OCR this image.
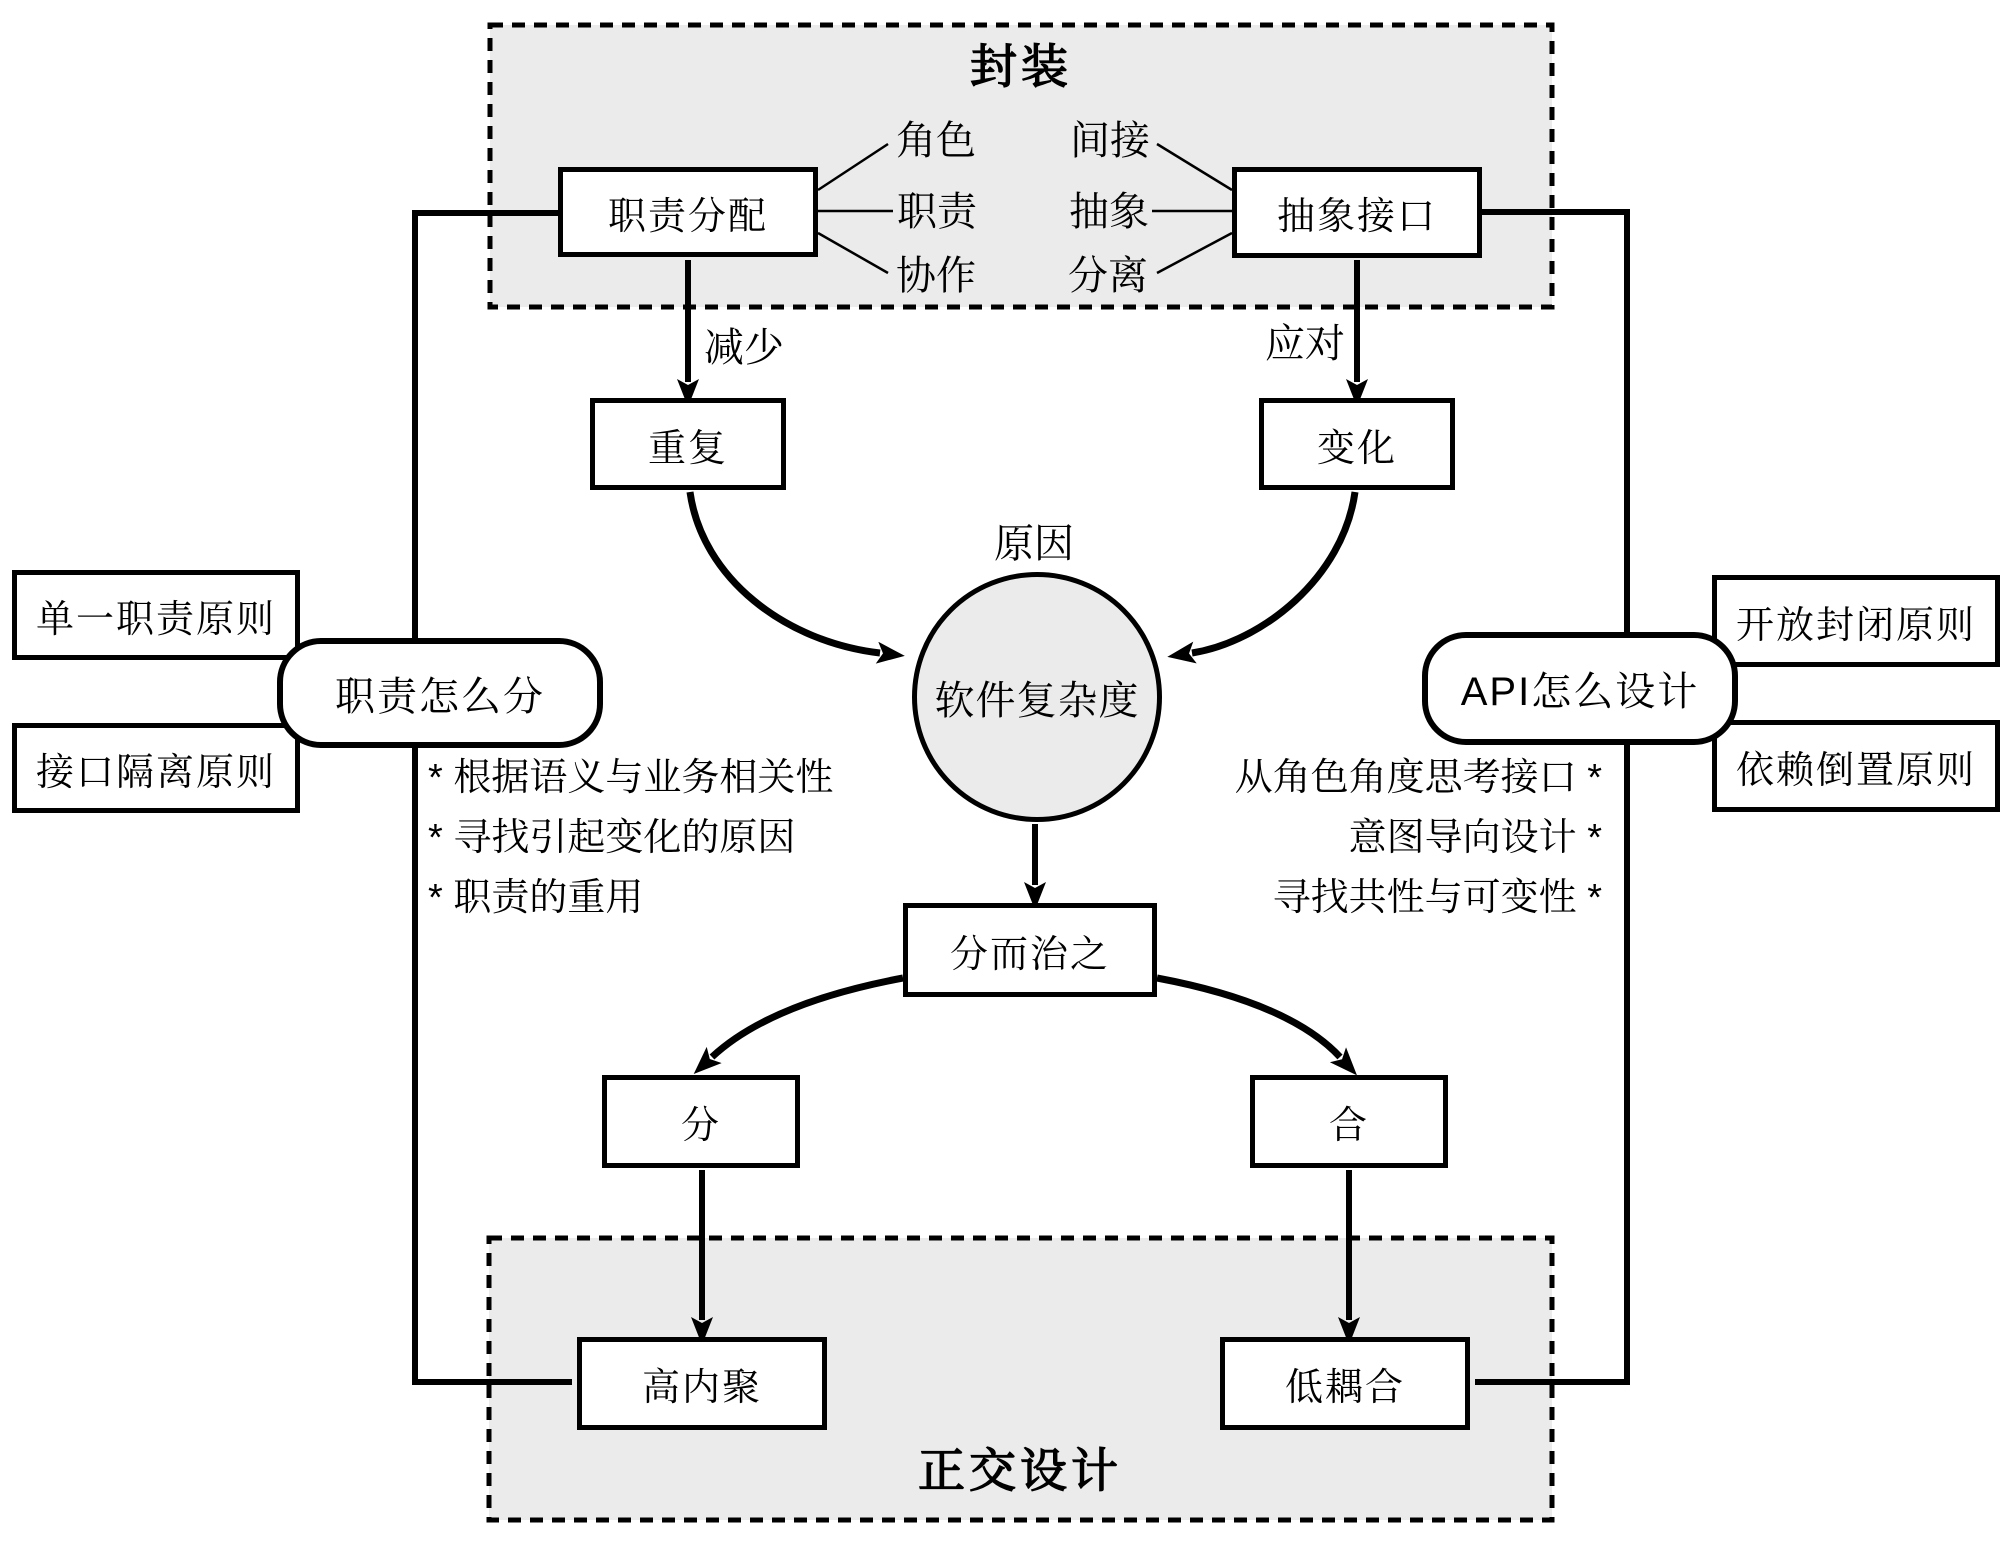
封装
正交设计
职责分配	抽象接口
重复	变化
软件复杂度
分而治之
分	合
高内聚	低耦合
单一职责原则
接口隔离原则
开放封闭原则
依赖倒置原则
职责怎么分	API怎么设计
角色
职责
协作
间接
抽象
分离
减少	应对
原因
* 根据语义与业务相关性
* 寻找引起变化的原因
* 职责的重用
从角色角度思考接口 *
意图导向设计 *
寻找共性与可变性 *
